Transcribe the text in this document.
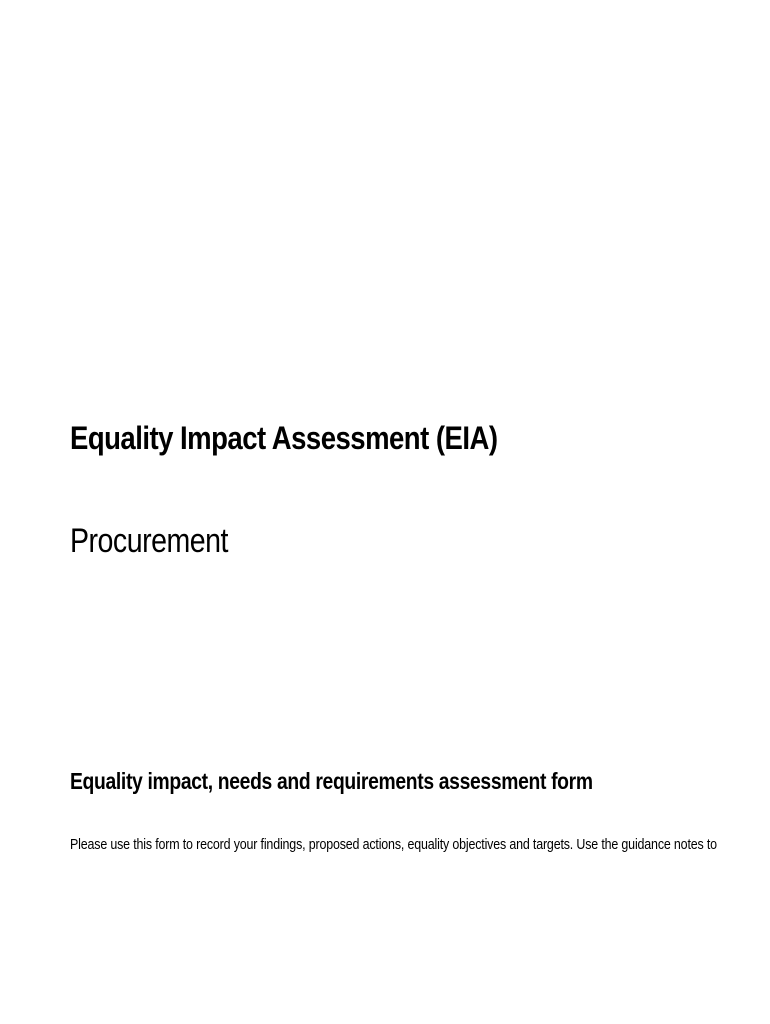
Equality Impact Assessment (EIA)
Procurement
Equality impact, needs and requirements assessment form

Please use this form to record your findings, proposed actions, equality objectives and targets. Use the guidance notes to
